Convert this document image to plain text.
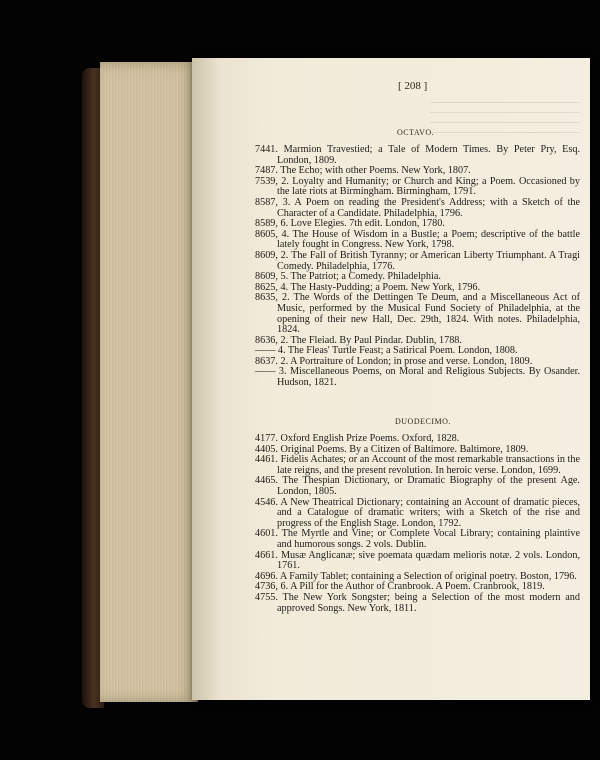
[ 208 ]
OCTAVO.

7441. Marmion Travestied; a Tale of Modern Times. By Peter Pry, Esq. London, 1809.

7487. The Echo; with other Poems. New York, 1807.

7539, 2. Loyalty and Humanity; or Church and King; a Poem. Occasioned by the late riots at Birmingham. Birmingham, 1791.

8587, 3. A Poem on reading the President's Address; with a Sketch of the Character of a Candidate. Philadelphia, 1796.

8589, 6. Love Elegies. 7th edit. London, 1780.

8605, 4. The House of Wisdom in a Bustle; a Poem; descriptive of the battle lately fought in Congress. New York, 1798.

8609, 2. The Fall of British Tyranny; or American Liberty Triumphant. A Tragi Comedy. Philadelphia, 1776.

8609, 5. The Patriot; a Comedy. Philadelphia.

8625, 4. The Hasty-Pudding; a Poem. New York, 1796.

8635, 2. The Words of the Dettingen Te Deum, and a Miscellaneous Act of Music, performed by the Musical Fund Society of Philadelphia, at the opening of their new Hall, Dec. 29th, 1824. With notes. Philadelphia, 1824.

8636, 2. The Fleiad. By Paul Pindar. Dublin, 1788.

—— 4. The Fleas' Turtle Feast; a Satirical Poem. London, 1808.

8637. 2. A Portraiture of London; in prose and verse. London, 1809.

—— 3. Miscellaneous Poems, on Moral and Religious Subjects. By Osander. Hudson, 1821.

DUODECIMO.

4177. Oxford English Prize Poems. Oxford, 1828.

4405. Original Poems. By a Citizen of Baltimore. Baltimore, 1809.

4461. Fidelis Achates; or an Account of the most remarkable transactions in the late reigns, and the present revolution. In heroic verse. London, 1699.

4465. The Thespian Dictionary, or Dramatic Biography of the present Age. London, 1805.

4546. A New Theatrical Dictionary; containing an Account of dramatic pieces, and a Catalogue of dramatic writers; with a Sketch of the rise and progress of the English Stage. London, 1792.

4601. The Myrtle and Vine; or Complete Vocal Library; containing plaintive and humorous songs. 2 vols. Dublin.

4661. Musæ Anglicanæ; sive poemata quædam melioris notæ. 2 vols. London, 1761.

4696. A Family Tablet; containing a Selection of original poetry. Boston, 1796.

4736, 6. A Pill for the Author of Cranbrook. A Poem. Cranbrook, 1819.

4755. The New York Songster; being a Selection of the most modern and approved Songs. New York, 1811.
